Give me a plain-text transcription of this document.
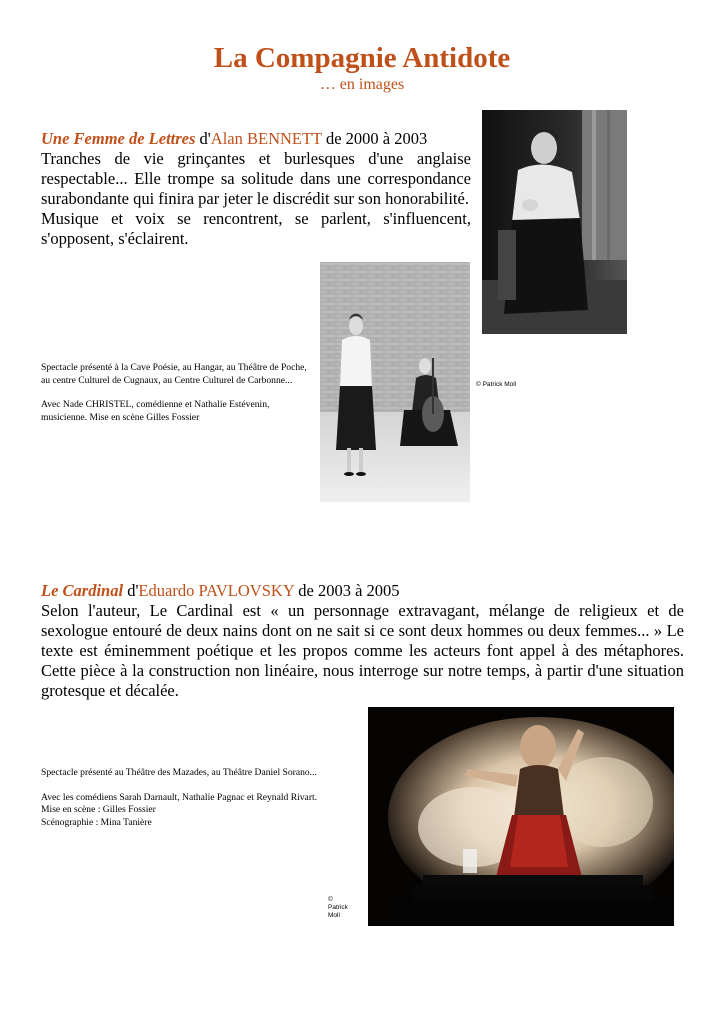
La Compagnie Antidote
… en images
Une Femme de Lettres d'Alan BENNETT de 2000 à 2003
Tranches de vie grinçantes et burlesques d'une anglaise respectable... Elle trompe sa solitude dans une correspondance surabondante qui finira par jeter le discrédit sur son honorabilité.
Musique et voix se rencontrent, se parlent, s'influencent, s'opposent, s'éclairent.

Spectacle présenté à la Cave Poésie, au Hangar, au Théâtre de Poche, au centre Culturel de Cugnaux, au Centre Culturel de Carbonne...

Avec Nade CHRISTEL, comédienne et Nathalie Estévenin, musicienne. Mise en scène Gilles Fossier

© Patrick Moll
Le Cardinal d'Eduardo PAVLOVSKY de 2003 à 2005
Selon l'auteur, Le Cardinal est « un personnage extravagant, mélange de religieux et de sexologue entouré de deux nains dont on ne sait si ce sont deux hommes ou deux femmes... » Le texte est éminemment poétique et les propos comme les acteurs font appel à des métaphores. Cette pièce à la construction non linéaire, nous interroge sur notre temps, à partir d'une situation grotesque et décalée.

Spectacle présenté au Théâtre des Mazades, au Théâtre Daniel Sorano...

Avec les comédiens Sarah Darnault, Nathalie Pagnac et Reynald Rivart.
Mise en scène : Gilles Fossier
Scénographie : Mina Tanière
©
Patrick
Moll
